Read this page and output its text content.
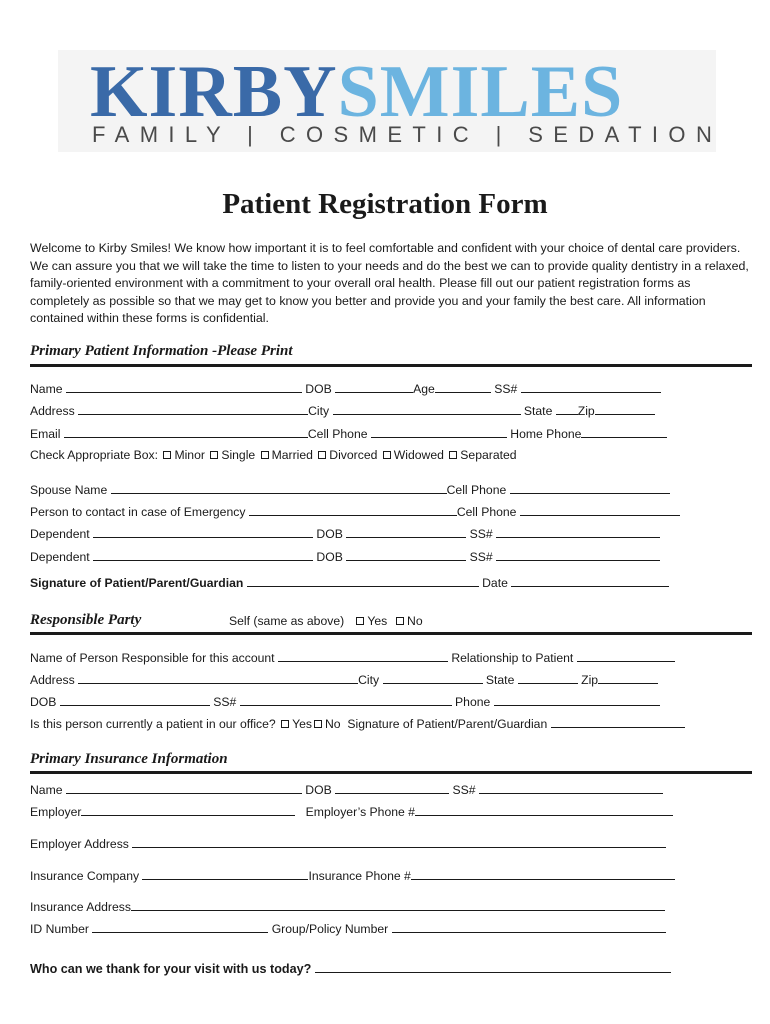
KIRBYSMILES
FAMILY | COSMETIC | SEDATION
Patient Registration Form
Welcome to Kirby Smiles! We know how important it is to feel comfortable and confident with your choice of dental care providers. We can assure you that we will take the time to listen to your needs and do the best we can to provide quality dentistry in a relaxed, family-oriented environment with a commitment to your overall oral health. Please fill out our patient registration forms as completely as possible so that we may get to know you better and provide you and your family the best care. All information contained within these forms is confidential.
Primary Patient Information -Please Print
Name	DOB	Age	SS#
Address	City	State Zip
Email	Cell Phone	Home Phone
Check Appropriate Box: Minor Single Married Divorced Widowed Separated
Spouse Name	Cell Phone
Person to contact in case of Emergency	Cell Phone
Dependent	DOB	SS#
Dependent	DOB	SS#
Signature of Patient/Parent/Guardian	Date
Responsible Party	Self (same as above) Yes No
Name of Person Responsible for this account	Relationship to Patient
Address	City	State	Zip
DOB	SS#	Phone
Is this person currently a patient in our office? Yes No Signature of Patient/Parent/Guardian
Primary Insurance Information
Name	DOB	SS#
Employer	Employer’s Phone #
Employer Address
Insurance Company	Insurance Phone #
Insurance Address
ID Number	Group/Policy Number
Who can we thank for your visit with us today?
